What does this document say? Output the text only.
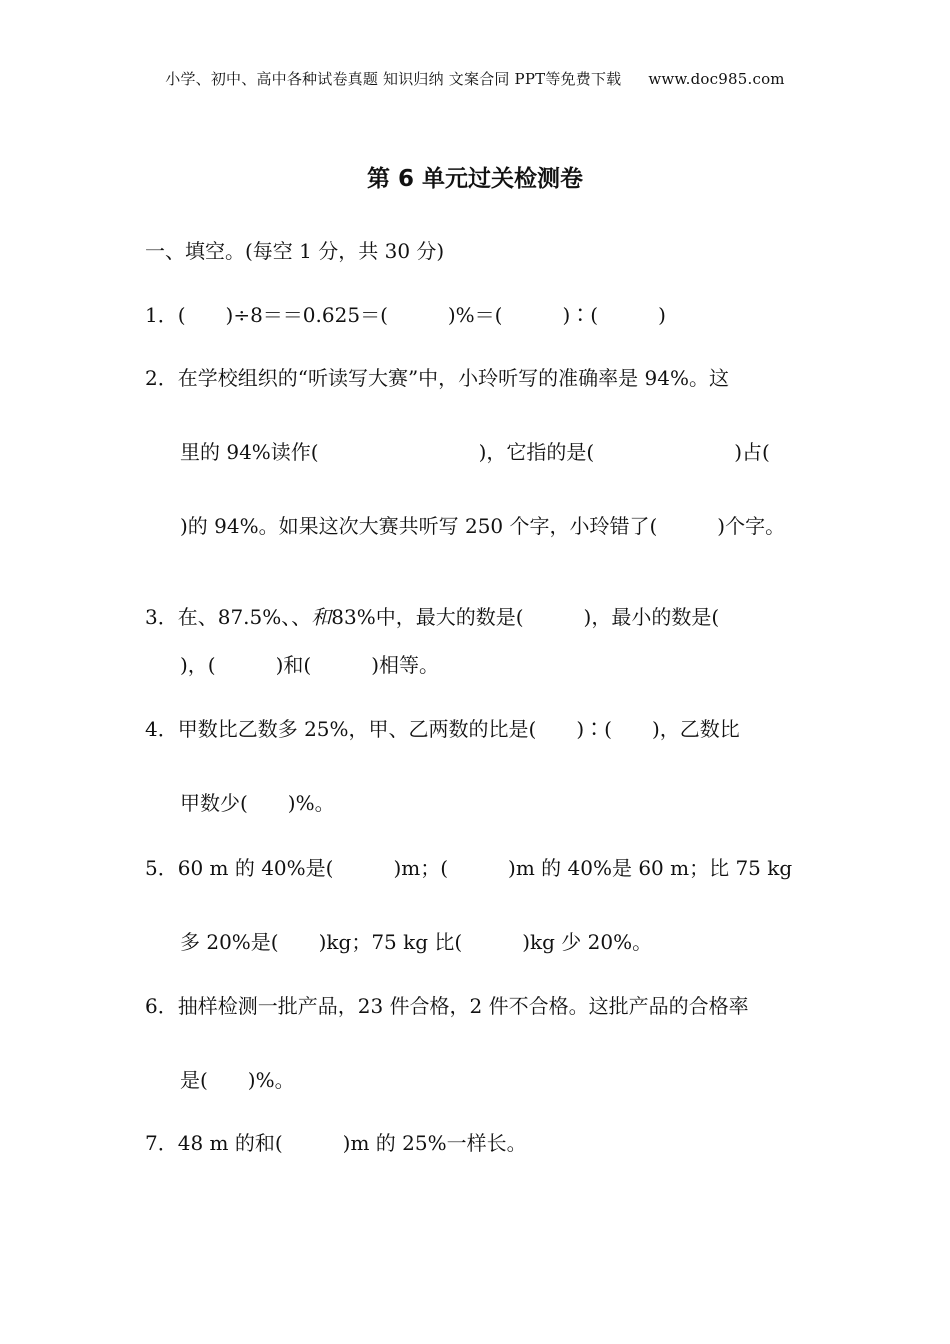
小学、初中、高中各种试卷真题 知识归纳 文案合同 PPT等免费下载 www.doc985.com
第 6 单元过关检测卷
一、填空。(每空 1 分，共 30 分)
1．(　　)÷8＝＝0.625＝(　　　)%＝(　　　)∶(　　　)
2．在学校组织的“听读写大赛”中，小玲听写的准确率是 94%。这
里的 94%读作(　　　　　　　　)，它指的是(　　　　　　　)占(
)的 94%。如果这次大赛共听写 250 个字，小玲错了(　　　)个字。

3．在、87.5%、、和83%中，最大的数是(　　　)，最小的数是(

)，(　　　)和(　　　)相等。
4．甲数比乙数多 25%，甲、乙两数的比是(　　)∶(　　)，乙数比
甲数少(　　)%。
5．60 m 的 40%是(　　　)m；(　　　)m 的 40%是 60 m；比 75 kg
多 20%是(　　)kg；75 kg 比(　　　)kg 少 20%。
6．抽样检测一批产品，23 件合格，2 件不合格。这批产品的合格率
是(　　)%。
7．48 m 的和(　　　)m 的 25%一样长。
